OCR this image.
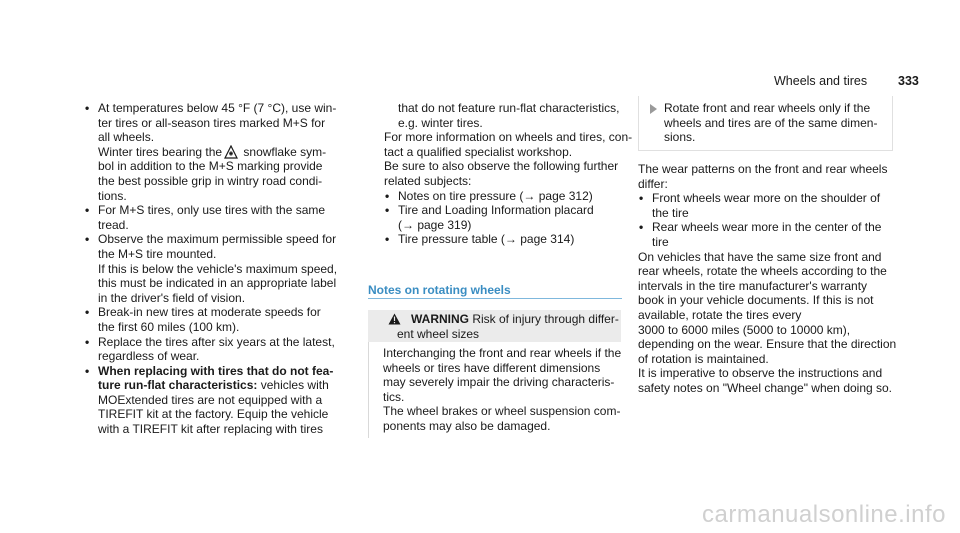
Wheels and tires 333
• At temperatures below 45 °F (7 °C), use win-
ter tires or all-season tires marked M+S for
all wheels.
Winter tires bearing the snowflake sym-
bol in addition to the M+S marking provide
the best possible grip in wintry road condi-
tions.
• For M+S tires, only use tires with the same
tread.
• Observe the maximum permissible speed for
the M+S tire mounted.
If this is below the vehicle's maximum speed,
this must be indicated in an appropriate label
in the driver's field of vision.
• Break-in new tires at moderate speeds for
the first 60 miles (100 km).
• Replace the tires after six years at the latest,
regardless of wear.
• When replacing with tires that do not fea-
ture run-flat characteristics: vehicles with
MOExtended tires are not equipped with a
TIREFIT kit at the factory. Equip the vehicle
with a TIREFIT kit after replacing with tires
that do not feature run-flat characteristics,
e.g. winter tires.
For more information on wheels and tires, con-
tact a qualified specialist workshop.
Be sure to also observe the following further
related subjects:
• Notes on tire pressure (→ page 312)
• Tire and Loading Information placard
(→ page 319)
• Tire pressure table (→ page 314)
Notes on rotating wheels
WARNING Risk of injury through differ-
ent wheel sizes
Interchanging the front and rear wheels if the
wheels or tires have different dimensions
may severely impair the driving characteris-
tics.
The wheel brakes or wheel suspension com-
ponents may also be damaged.
Rotate front and rear wheels only if the
wheels and tires are of the same dimen-
sions.
The wear patterns on the front and rear wheels
differ:
• Front wheels wear more on the shoulder of
the tire
• Rear wheels wear more in the center of the
tire
On vehicles that have the same size front and
rear wheels, rotate the wheels according to the
intervals in the tire manufacturer's warranty
book in your vehicle documents. If this is not
available, rotate the tires every
3000 to 6000 miles (5000 to 10000 km),
depending on the wear. Ensure that the direction
of rotation is maintained.
It is imperative to observe the instructions and
safety notes on "Wheel change" when doing so.
carmanualsonline.info
